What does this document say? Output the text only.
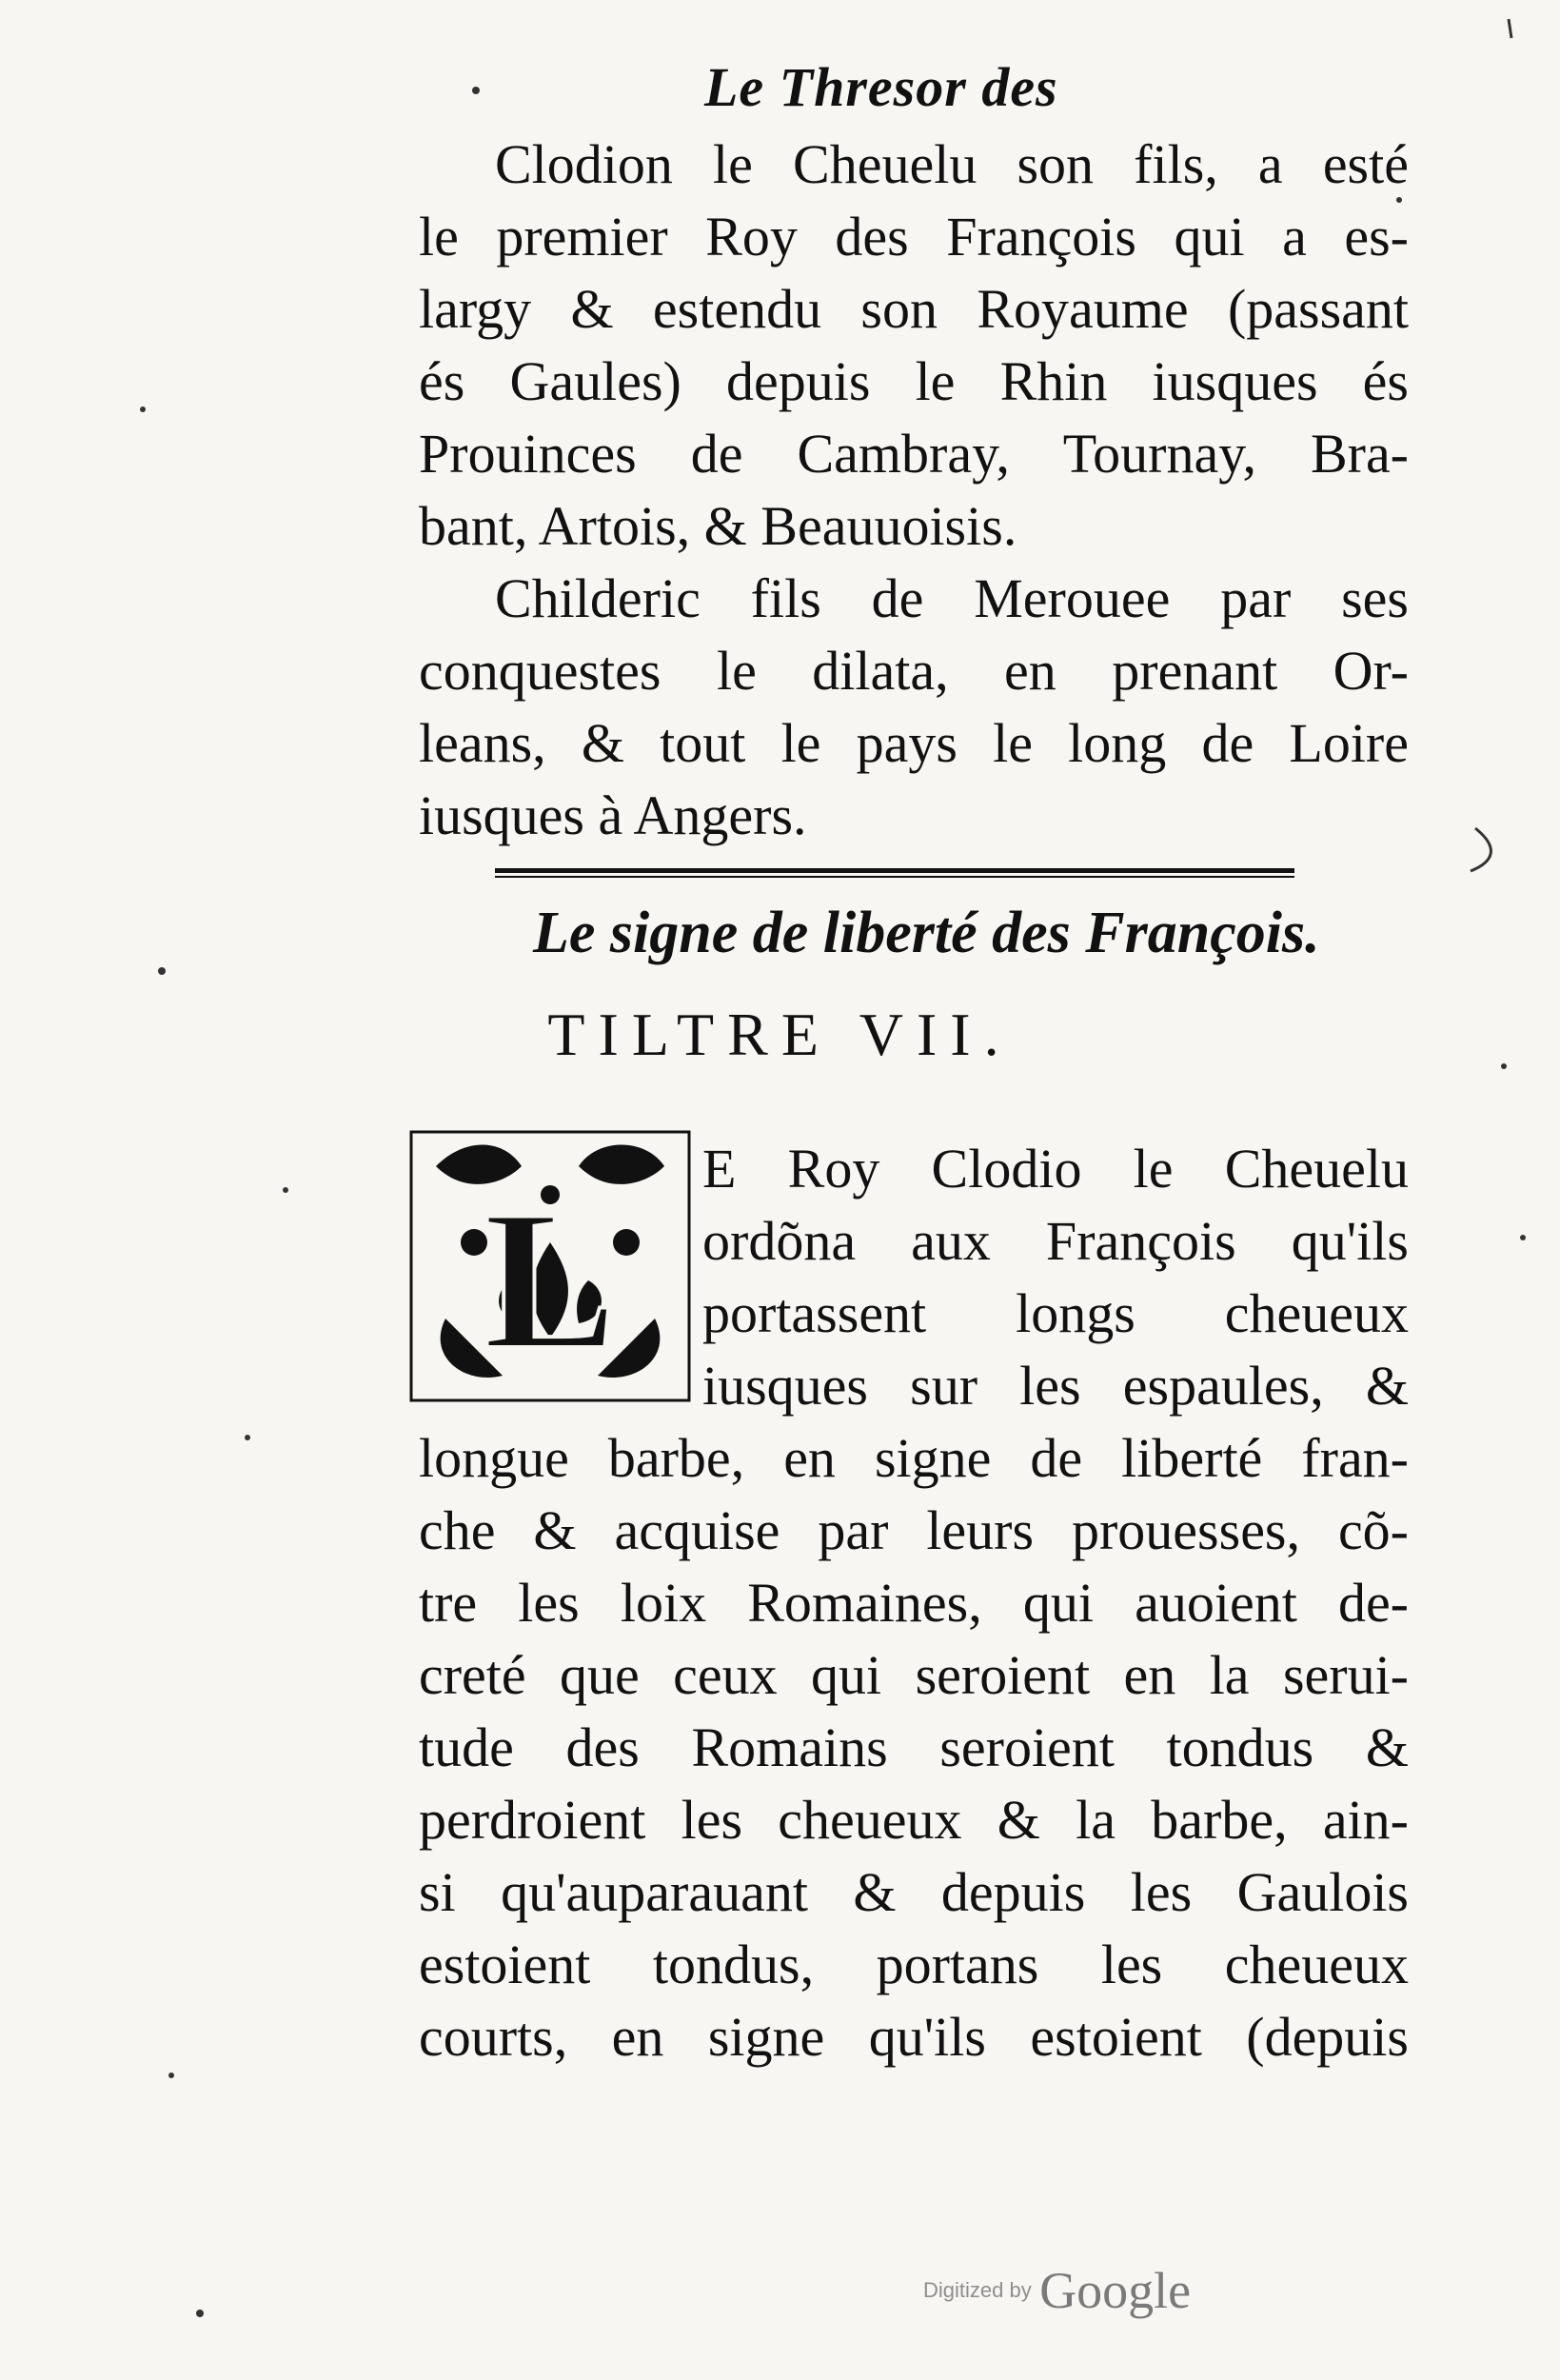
Le Thresor des
Clodion le Cheuelu son fils, a esté
le premier Roy des François qui a es-
largy & estendu son Royaume (passant
és Gaules) depuis le Rhin iusques és
Prouinces de Cambray, Tournay, Bra-
bant, Artois, & Beauuoisis.
Childeric fils de Merouee par ses
conquestes le dilata, en prenant Or-
leans, & tout le pays le long de Loire
iusques à Angers.
Le signe de liberté des François.
TILTRE VII.
L
E Roy Clodio le Cheuelu
ordõna aux François qu'ils
portassent longs cheueux
iusques sur les espaules, &
longue barbe, en signe de liberté fran-
che & acquise par leurs prouesses, cõ-
tre les loix Romaines, qui auoient de-
creté que ceux qui seroient en la serui-
tude des Romains seroient tondus &
perdroient les cheueux & la barbe, ain-
si qu'auparauant & depuis les Gaulois
estoient tondus, portans les cheueux
courts, en signe qu'ils estoient (depuis
Digitized by Google
